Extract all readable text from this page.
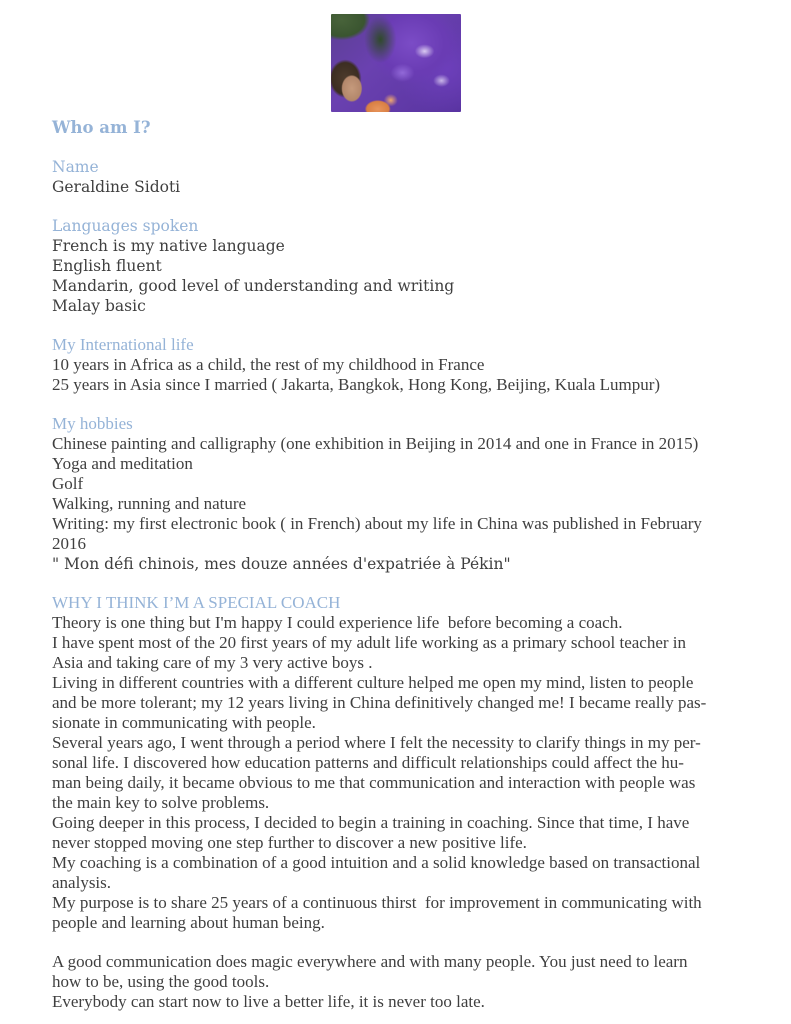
Who am I?
Name
Geraldine Sidoti
Languages spoken
French is my native language
English fluent
Mandarin, good level of understanding and writing
Malay basic
My International life
10 years in Africa as a child, the rest of my childhood in France
25 years in Asia since I married ( Jakarta, Bangkok, Hong Kong, Beijing, Kuala Lumpur)
My hobbies
Chinese painting and calligraphy (one exhibition in Beijing in 2014 and one in France in 2015)
Yoga and meditation
Golf
Walking, running and nature
Writing: my first electronic book ( in French) about my life in China was published in February
2016
" Mon défi chinois, mes douze années d'expatriée à Pékin"
WHY I THINK I’M A SPECIAL COACH
Theory is one thing but I'm happy I could experience life  before becoming a coach.
I have spent most of the 20 first years of my adult life working as a primary school teacher in
Asia and taking care of my 3 very active boys .
Living in different countries with a different culture helped me open my mind, listen to people
and be more tolerant; my 12 years living in China definitively changed me! I became really pas-
sionate in communicating with people.
Several years ago, I went through a period where I felt the necessity to clarify things in my per-
sonal life. I discovered how education patterns and difficult relationships could affect the hu-
man being daily, it became obvious to me that communication and interaction with people was
the main key to solve problems.
Going deeper in this process, I decided to begin a training in coaching. Since that time, I have
never stopped moving one step further to discover a new positive life.
My coaching is a combination of a good intuition and a solid knowledge based on transactional
analysis.
My purpose is to share 25 years of a continuous thirst  for improvement in communicating with
people and learning about human being.
A good communication does magic everywhere and with many people. You just need to learn
how to be, using the good tools.
Everybody can start now to live a better life, it is never too late.
